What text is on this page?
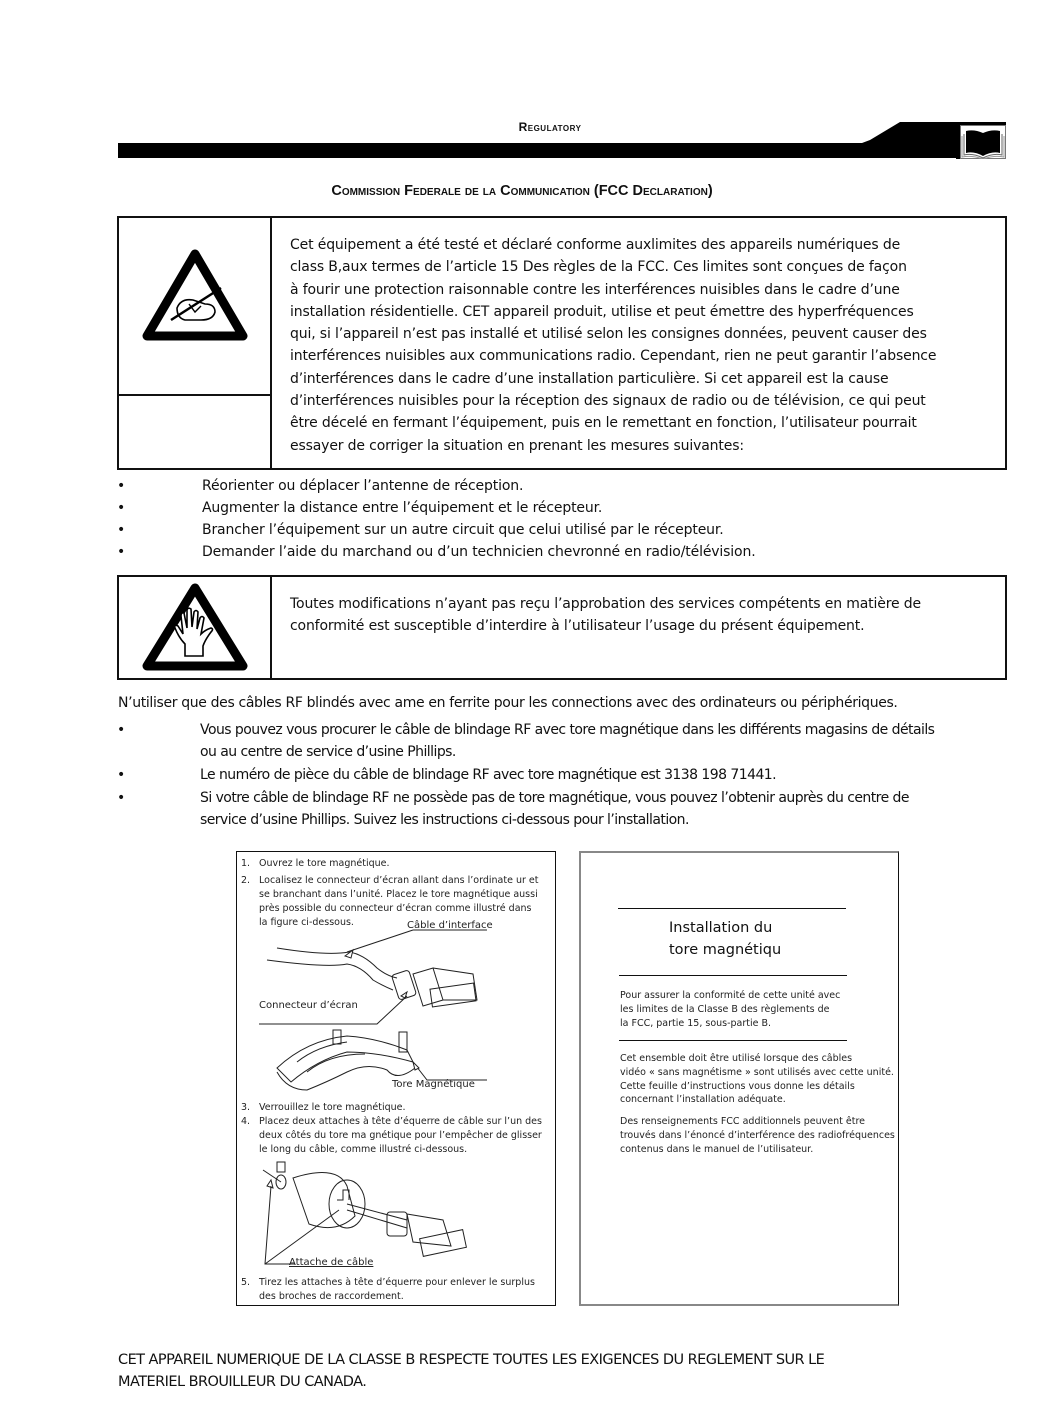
Regulatory
Commission Federale de la Communication (FCC Declaration)
Cet équipement a été testé et déclaré conforme auxlimites des appareils numériques de
class B,aux termes de l’article 15 Des règles de la FCC. Ces limites sont conçues de façon
à fourir une protection raisonnable contre les interférences nuisibles dans le cadre d’une
installation résidentielle. CET appareil produit, utilise et peut émettre des hyperfréquences
qui, si l’appareil n’est pas installé et utilisé selon les consignes données, peuvent causer des
interférences nuisibles aux communications radio. Cependant, rien ne peut garantir l’absence
d’interférences dans le cadre d’une installation particulière. Si cet appareil est la cause
d’interférences nuisibles pour la réception des signaux de radio ou de télévision, ce qui peut
être décelé en fermant l’équipement, puis en le remettant en fonction, l’utilisateur pourrait
essayer de corriger la situation en prenant les mesures suivantes:
•	Réorienter ou déplacer l’antenne de réception.
•	Augmenter la distance entre l’équipement et le récepteur.
•	Brancher l’équipement sur un autre circuit que celui utilisé par le récepteur.
•	Demander l’aide du marchand ou d’un technicien chevronné en radio/télévision.
Toutes modifications n’ayant pas reçu l’approbation des services compétents en matière de
conformité est susceptible d’interdire à l’utilisateur l’usage du présent équipement.
N’utiliser que des câbles RF blindés avec ame en ferrite pour les connections avec des ordinateurs ou périphériques.
•	Vous pouvez vous procurer le câble de blindage RF avec tore magnétique dans les différents magasins de détails
ou au centre de service d’usine Phillips.
•	Le numéro de pièce du câble de blindage RF avec tore magnétique est 3138 198 71441.
•	Si votre câble de blindage RF ne possède pas de tore magnétique, vous pouvez l’obtenir auprès du centre de
service d’usine Phillips. Suivez les instructions ci-dessous pour l’installation.
1. Ouvrez le tore magnétique.
2. Localisez le connecteur d’écran allant dans l’ordinate ur et
se branchant dans l’unité. Placez le tore magnétique aussi
près possible du connecteur d’écran comme illustré dans
la figure ci-dessous.	Câble d’interface
Connecteur d’écran
Tore Magnétique
3. Verrouillez le tore magnétique.
4. Placez deux attaches à tête d’équerre de câble sur l’un des
deux côtés du tore ma gnétique pour l’empêcher de glisser
le long du câble, comme illustré ci-dessous.
Attache de câble
5. Tirez les attaches à tête d’équerre pour enlever le surplus
des broches de raccordement.
Installation du
tore magnétiqu
Pour assurer la conformité de cette unité avec
les limites de la Classe B des règlements de
la FCC, partie 15, sous-partie B.
Cet ensemble doit être utilisé lorsque des câbles
vidéo « sans magnétisme » sont utilisés avec cette unité.
Cette feuille d’instructions vous donne les détails
concernant l’installation adéquate.
Des renseignements FCC additionnels peuvent être
trouvés dans l’énoncé d’interférence des radiofréquences
contenus dans le manuel de l’utilisateur.
CET APPAREIL NUMERIQUE DE LA CLASSE B RESPECTE TOUTES LES EXIGENCES DU REGLEMENT SUR LE
MATERIEL BROUILLEUR DU CANADA.
